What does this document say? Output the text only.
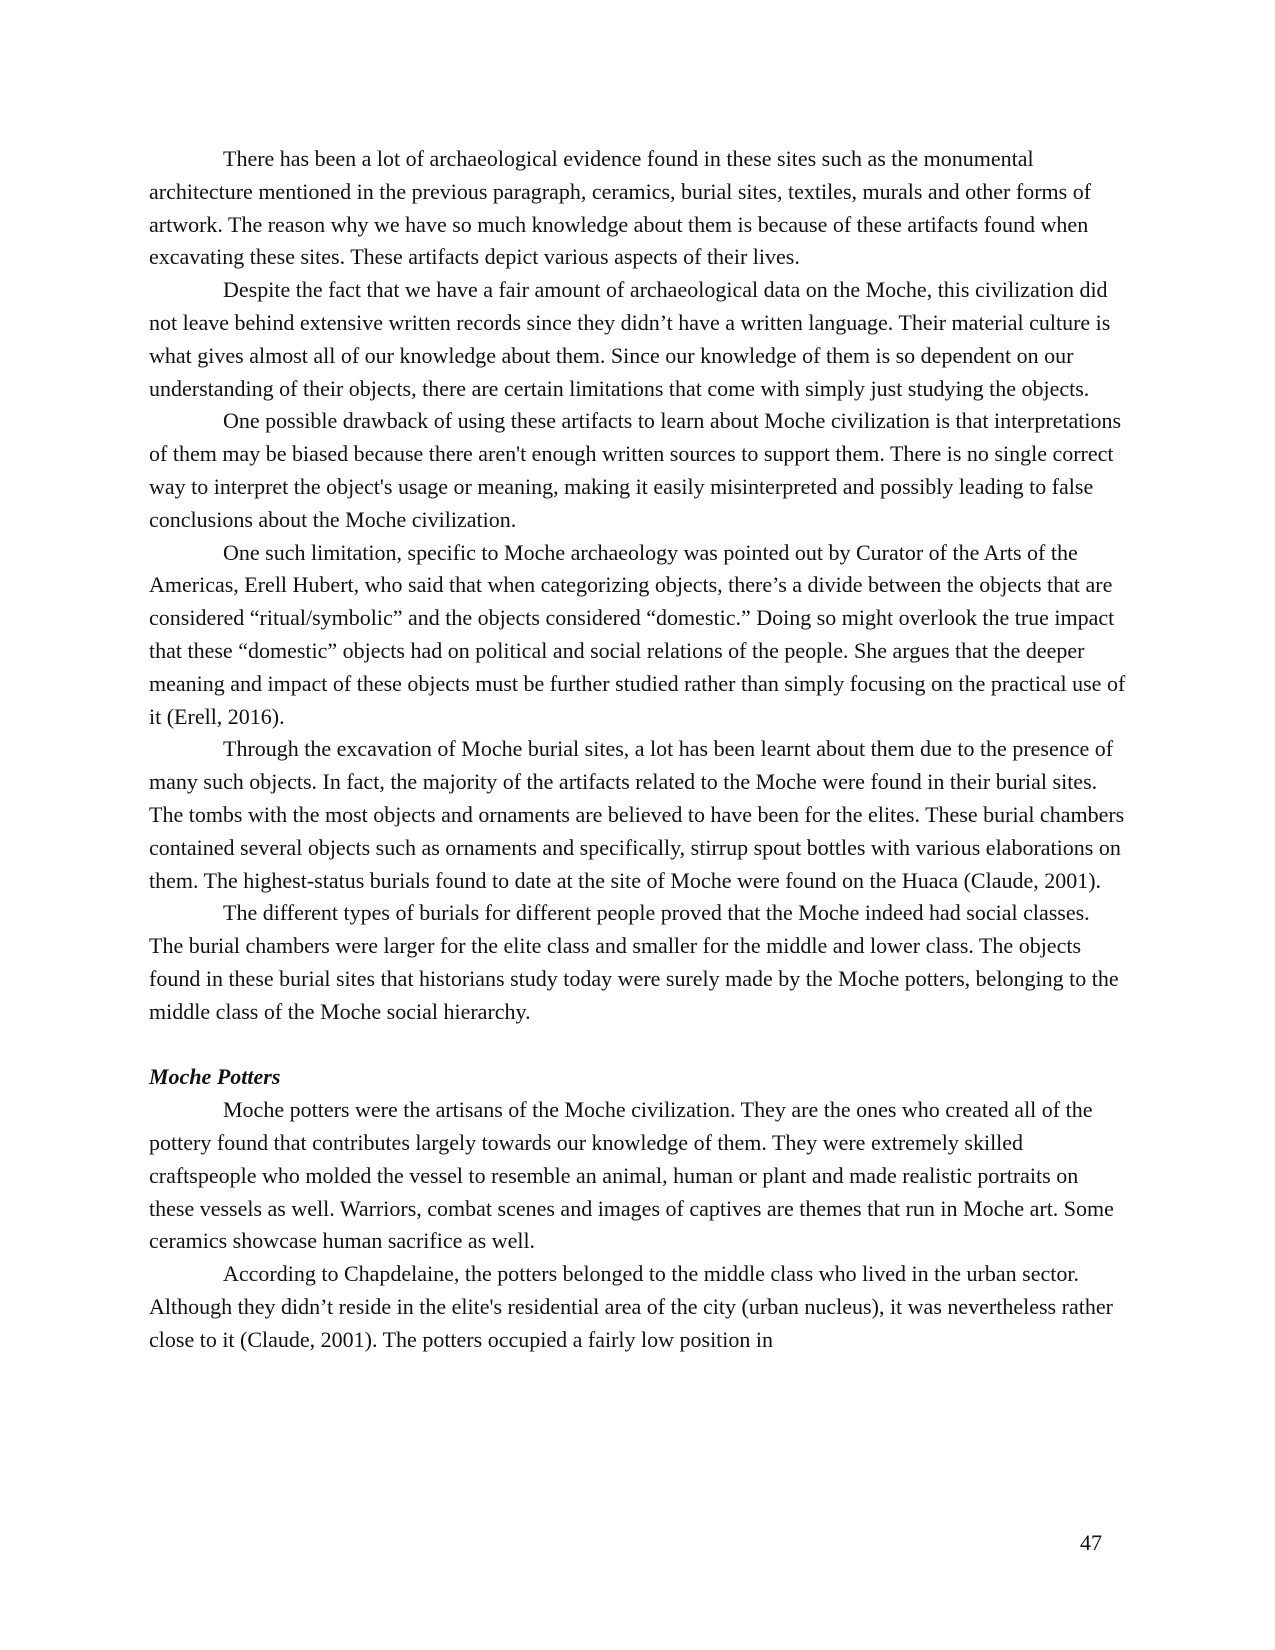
There has been a lot of archaeological evidence found in these sites such as the monumental architecture mentioned in the previous paragraph, ceramics, burial sites, textiles, murals and other forms of artwork. The reason why we have so much knowledge about them is because of these artifacts found when excavating these sites. These artifacts depict various aspects of their lives.

Despite the fact that we have a fair amount of archaeological data on the Moche, this civilization did not leave behind extensive written records since they didn’t have a written language. Their material culture is what gives almost all of our knowledge about them. Since our knowledge of them is so dependent on our understanding of their objects, there are certain limitations that come with simply just studying the objects.

One possible drawback of using these artifacts to learn about Moche civilization is that interpretations of them may be biased because there aren't enough written sources to support them. There is no single correct way to interpret the object's usage or meaning, making it easily misinterpreted and possibly leading to false conclusions about the Moche civilization.

One such limitation, specific to Moche archaeology was pointed out by Curator of the Arts of the Americas, Erell Hubert, who said that when categorizing objects, there’s a divide between the objects that are considered “ritual/symbolic” and the objects considered “domestic.” Doing so might overlook the true impact that these “domestic” objects had on political and social relations of the people. She argues that the deeper meaning and impact of these objects must be further studied rather than simply focusing on the practical use of it (Erell, 2016).

Through the excavation of Moche burial sites, a lot has been learnt about them due to the presence of many such objects. In fact, the majority of the artifacts related to the Moche were found in their burial sites. The tombs with the most objects and ornaments are believed to have been for the elites. These burial chambers contained several objects such as ornaments and specifically, stirrup spout bottles with various elaborations on them. The highest-status burials found to date at the site of Moche were found on the Huaca (Claude, 2001).

The different types of burials for different people proved that the Moche indeed had social classes. The burial chambers were larger for the elite class and smaller for the middle and lower class. The objects found in these burial sites that historians study today were surely made by the Moche potters, belonging to the middle class of the Moche social hierarchy.

Moche Potters

Moche potters were the artisans of the Moche civilization. They are the ones who created all of the pottery found that contributes largely towards our knowledge of them. They were extremely skilled craftspeople who molded the vessel to resemble an animal, human or plant and made realistic portraits on these vessels as well. Warriors, combat scenes and images of captives are themes that run in Moche art. Some ceramics showcase human sacrifice as well.

According to Chapdelaine, the potters belonged to the middle class who lived in the urban sector. Although they didn’t reside in the elite's residential area of the city (urban nucleus), it was nevertheless rather close to it (Claude, 2001). The potters occupied a fairly low position in

47
